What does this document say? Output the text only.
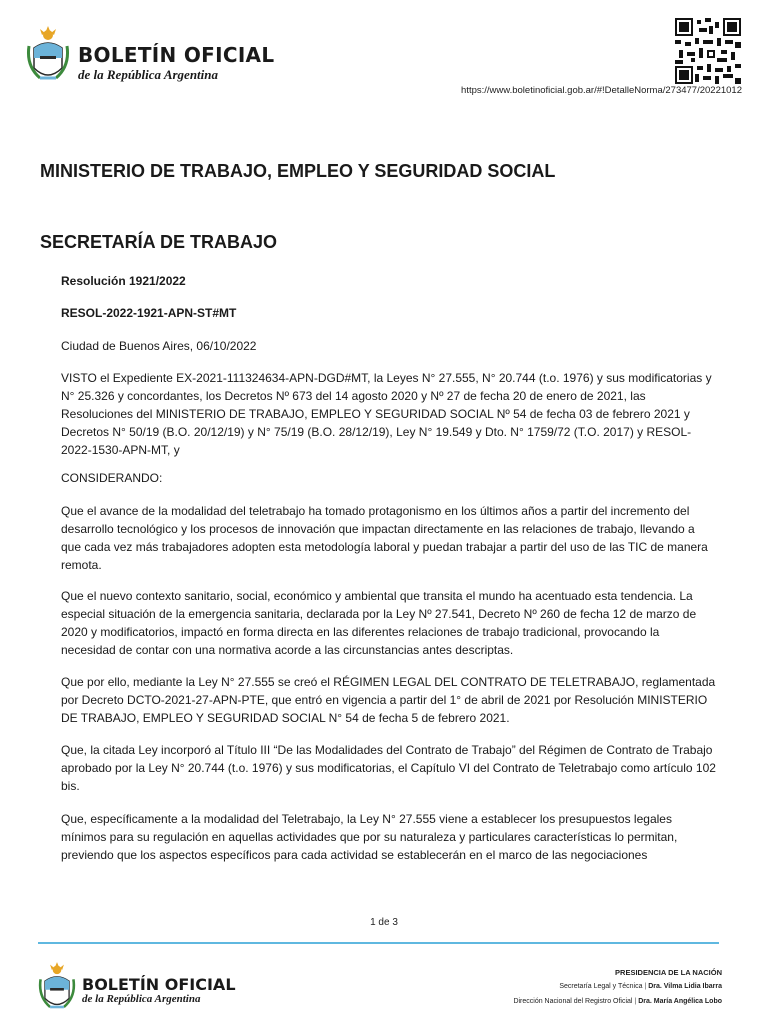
BOLETÍN OFICIAL
de la República Argentina
https://www.boletinoficial.gob.ar/#!DetalleNorma/273477/20221012
MINISTERIO DE TRABAJO, EMPLEO Y SEGURIDAD SOCIAL
SECRETARÍA DE TRABAJO
Resolución 1921/2022
RESOL-2022-1921-APN-ST#MT
Ciudad de Buenos Aires, 06/10/2022

VISTO el Expediente EX-2021-111324634-APN-DGD#MT, la Leyes N° 27.555, N° 20.744 (t.o. 1976) y sus modificatorias y N° 25.326 y concordantes, los Decretos Nº 673 del 14 agosto 2020 y Nº 27 de fecha 20 de enero de 2021, las Resoluciones del MINISTERIO DE TRABAJO, EMPLEO Y SEGURIDAD SOCIAL Nº 54 de fecha 03 de febrero 2021 y Decretos N° 50/19 (B.O. 20/12/19) y N° 75/19 (B.O. 28/12/19), Ley N° 19.549 y Dto. N° 1759/72 (T.O. 2017) y RESOL-2022-1530-APN-MT, y

CONSIDERANDO:

Que el avance de la modalidad del teletrabajo ha tomado protagonismo en los últimos años a partir del incremento del desarrollo tecnológico y los procesos de innovación que impactan directamente en las relaciones de trabajo, llevando a que cada vez más trabajadores adopten esta metodología laboral y puedan trabajar a partir del uso de las TIC de manera remota.

Que el nuevo contexto sanitario, social, económico y ambiental que transita el mundo ha acentuado esta tendencia. La especial situación de la emergencia sanitaria, declarada por la Ley Nº 27.541, Decreto Nº 260 de fecha 12 de marzo de 2020 y modificatorios, impactó en forma directa en las diferentes relaciones de trabajo tradicional, provocando la necesidad de contar con una normativa acorde a las circunstancias antes descriptas.

Que por ello, mediante la Ley N° 27.555 se creó el RÉGIMEN LEGAL DEL CONTRATO DE TELETRABAJO, reglamentada por Decreto DCTO-2021-27-APN-PTE, que entró en vigencia a partir del 1° de abril de 2021 por Resolución MINISTERIO DE TRABAJO, EMPLEO Y SEGURIDAD SOCIAL N° 54 de fecha 5 de febrero 2021.

Que, la citada Ley incorporó al Título III “De las Modalidades del Contrato de Trabajo” del Régimen de Contrato de Trabajo aprobado por la Ley N° 20.744 (t.o. 1976) y sus modificatorias, el Capítulo VI del Contrato de Teletrabajo como artículo 102 bis.

Que, específicamente a la modalidad del Teletrabajo, la Ley N° 27.555 viene a establecer los presupuestos legales mínimos para su regulación en aquellas actividades que por su naturaleza y particulares características lo permitan, previendo que los aspectos específicos para cada actividad se establecerán en el marco de las negociaciones

1 de 3
BOLETÍN OFICIAL
de la República Argentina
PRESIDENCIA DE LA NACIÓN
Secretaría Legal y Técnica | Dra. Vilma Lidia Ibarra
Dirección Nacional del Registro Oficial | Dra. María Angélica Lobo
